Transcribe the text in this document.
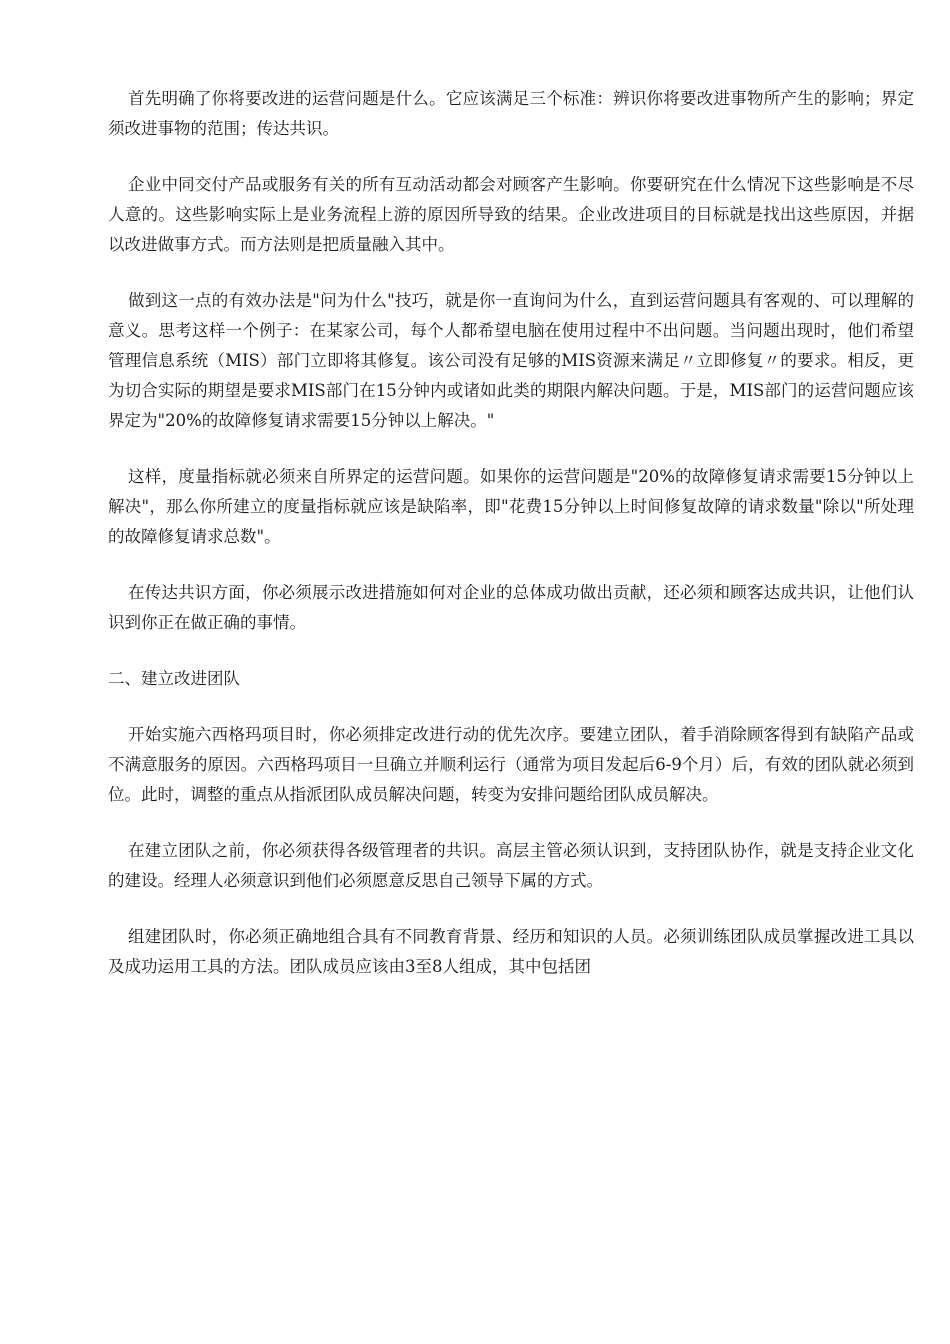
首先明确了你将要改进的运营问题是什么。它应该满足三个标准：辨识你将要改进事物所产生的影响；界定须改进事物的范围；传达共识。

企业中同交付产品或服务有关的所有互动活动都会对顾客产生影响。你要研究在什么情况下这些影响是不尽人意的。这些影响实际上是业务流程上游的原因所导致的结果。企业改进项目的目标就是找出这些原因，并据以改进做事方式。而方法则是把质量融入其中。

做到这一点的有效办法是"问为什么"技巧，就是你一直询问为什么，直到运营问题具有客观的、可以理解的意义。思考这样一个例子：在某家公司，每个人都希望电脑在使用过程中不出问题。当问题出现时，他们希望管理信息系统（MIS）部门立即将其修复。该公司没有足够的MIS资源来满足〃立即修复〃的要求。相反，更为切合实际的期望是要求MIS部门在15分钟内或诸如此类的期限内解决问题。于是，MIS部门的运营问题应该界定为"20%的故障修复请求需要15分钟以上解决。"

这样，度量指标就必须来自所界定的运营问题。如果你的运营问题是"20%的故障修复请求需要15分钟以上解决"，那么你所建立的度量指标就应该是缺陷率，即"花费15分钟以上时间修复故障的请求数量"除以"所处理的故障修复请求总数"。

在传达共识方面，你必须展示改进措施如何对企业的总体成功做出贡献，还必须和顾客达成共识，让他们认识到你正在做正确的事情。

二、建立改进团队

开始实施六西格玛项目时，你必须排定改进行动的优先次序。要建立团队，着手消除顾客得到有缺陷产品或不满意服务的原因。六西格玛项目一旦确立并顺利运行（通常为项目发起后6-9个月）后，有效的团队就必须到位。此时，调整的重点从指派团队成员解决问题，转变为安排问题给团队成员解决。

在建立团队之前，你必须获得各级管理者的共识。高层主管必须认识到，支持团队协作，就是支持企业文化的建设。经理人必须意识到他们必须愿意反思自己领导下属的方式。

组建团队时，你必须正确地组合具有不同教育背景、经历和知识的人员。必须训练团队成员掌握改进工具以及成功运用工具的方法。团队成员应该由3至8人组成，其中包括团
